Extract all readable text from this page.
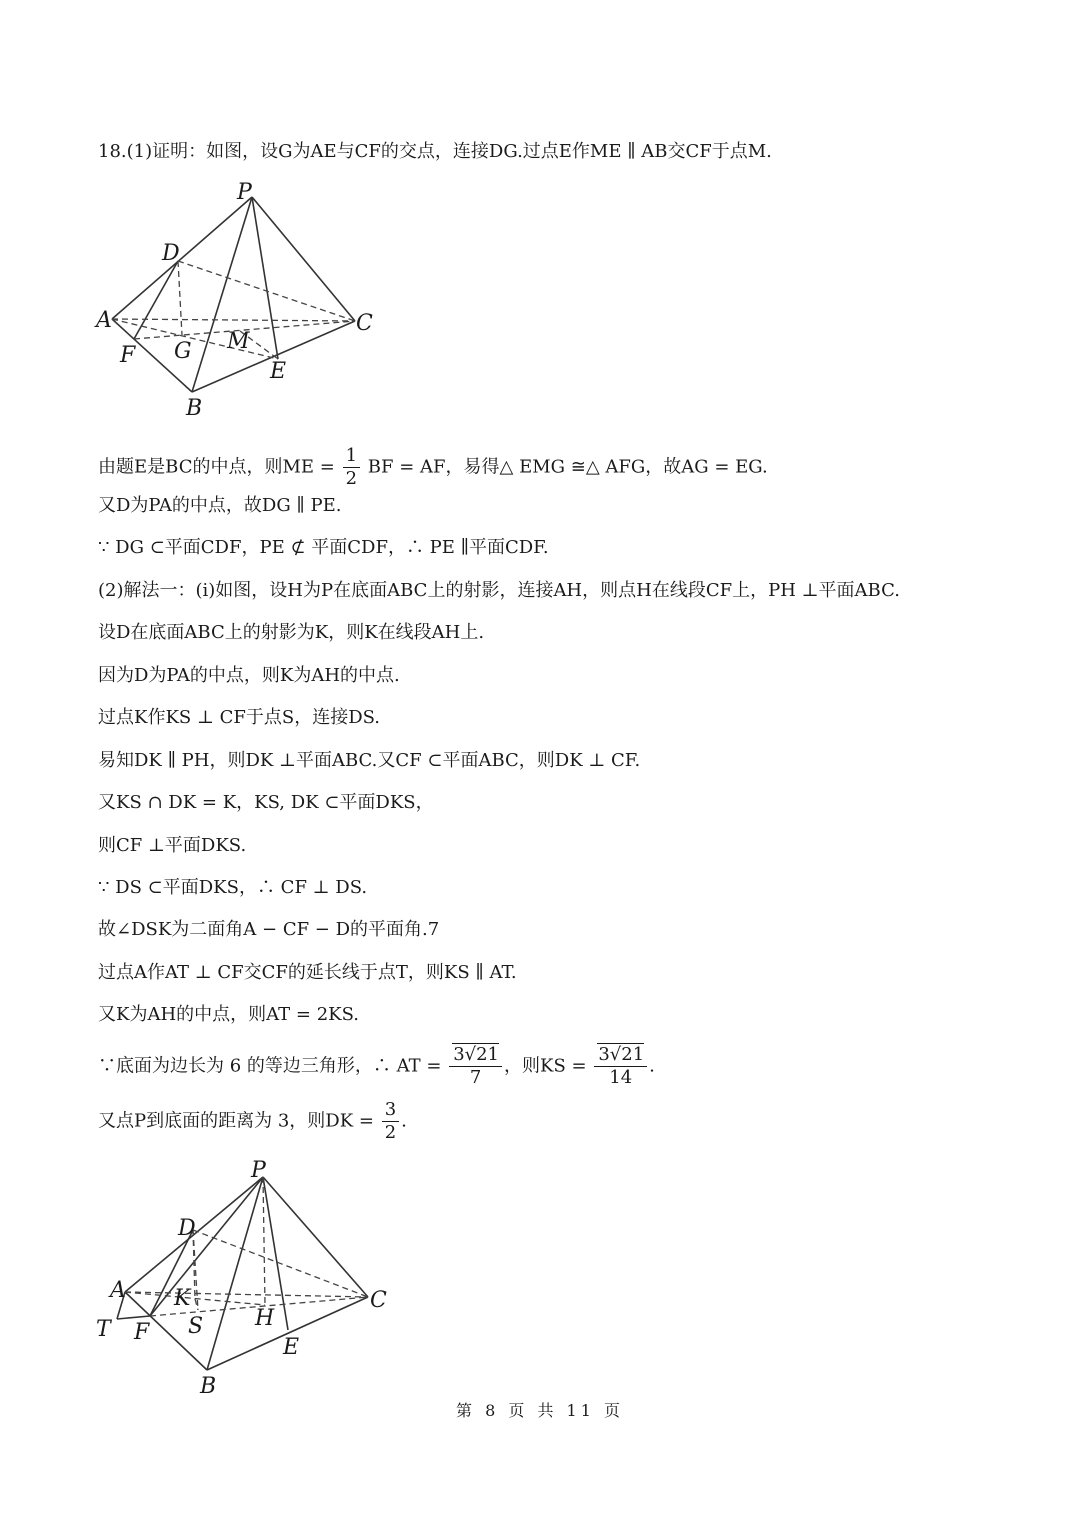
18.(1)证明：如图，设G为AE与CF的交点，连接DG.过点E作ME ∥ AB交CF于点M.
P
D
A	C
F G M
E
B
由题E是BC的中点，则ME = $\frac{1}{2}$ BF = AF，易得△ EMG ≅△ AFG，故AG = EG.
又D为PA的中点，故DG ∥ PE.
∵ DG ⊂平面CDF，PE ⊄ 平面CDF，∴ PE ∥平面CDF.
(2)解法一：(i)如图，设H为P在底面ABC上的射影，连接AH，则点H在线段CF上，PH ⊥平面ABC.
设D在底面ABC上的射影为K，则K在线段AH上.
因为D为PA的中点，则K为AH的中点.
过点K作KS ⊥ CF于点S，连接DS.
易知DK ∥ PH，则DK ⊥平面ABC.又CF ⊂平面ABC，则DK ⊥ CF.
又KS ∩ DK = K，KS, DK ⊂平面DKS，
则CF ⊥平面DKS.
∵ DS ⊂平面DKS，∴ CF ⊥ DS.
故∠DSK为二面角A − CF − D的平面角.7
过点A作AT ⊥ CF交CF的延长线于点T，则KS ∥ AT.
又K为AH的中点，则AT = 2KS.
∵底面为边长为 6 的等边三角形，∴ AT = $\frac{3√21}{7}$ ，则KS = $\frac{3√21}{14}$ .
又点P到底面的距离为 3，则DK = $\frac{3}{2}$ .
P
D
A	C
T F
K
S H
E
B
第 8 页 共 11 页
